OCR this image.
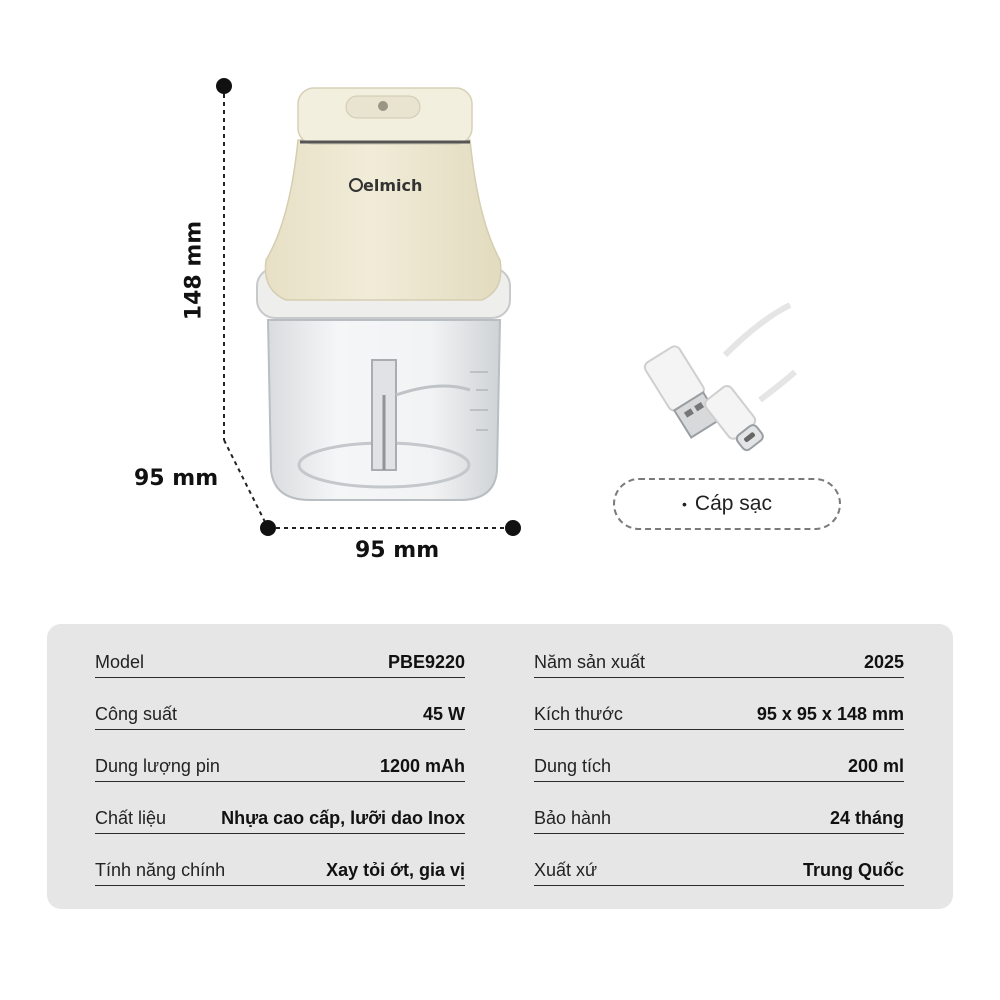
148 mm
95 mm
95 mm
elmich
• Cáp sạc
Model	PBE9220
Công suất	45 W
Dung lượng pin	1200 mAh
Chất liệu	Nhựa cao cấp, lưỡi dao Inox
Tính năng chính	Xay tỏi ớt, gia vị
Năm sản xuất	2025
Kích thước	95 x 95 x 148 mm
Dung tích	200 ml
Bảo hành	24 tháng
Xuất xứ	Trung Quốc
